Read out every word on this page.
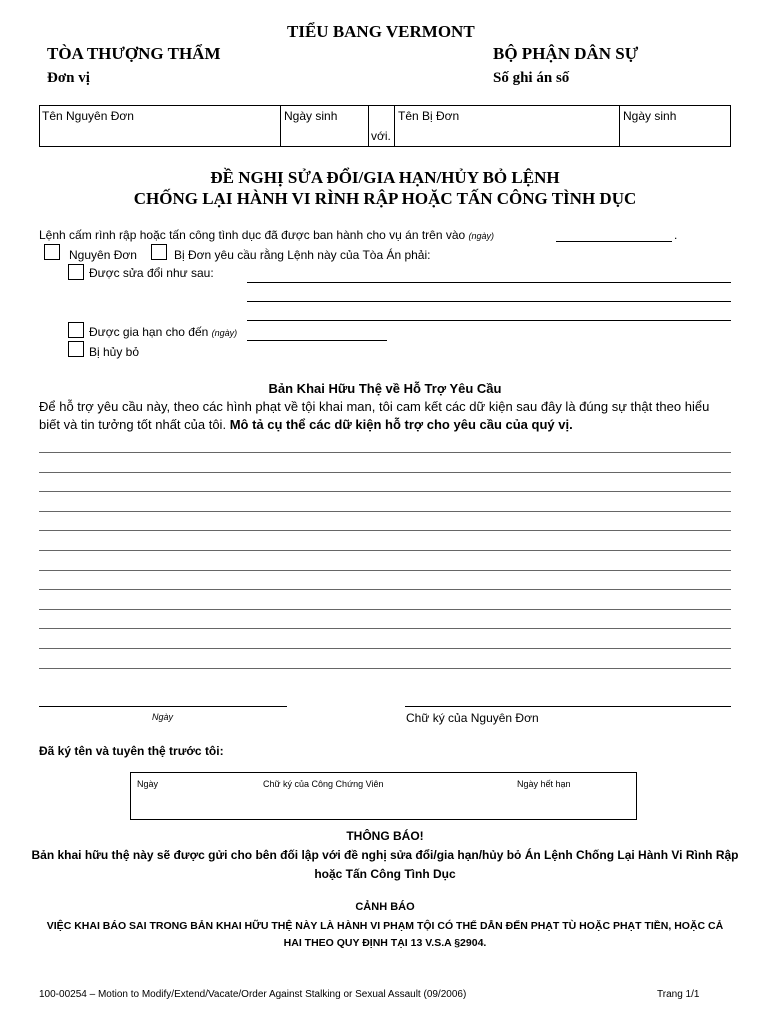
TIỂU BANG VERMONT
TÒA THƯỢNG THẨM
Đơn vị
BỘ PHẬN DÂN SỰ
Số ghi án số
Tên Nguyên Đơn	Ngày sinh
với.
Tên Bị Đơn	Ngày sinh
ĐỀ NGHỊ SỬA ĐỔI/GIA HẠN/HỦY BỎ LỆNH
CHỐNG LẠI HÀNH VI RÌNH RẬP HOẶC TẤN CÔNG TÌNH DỤC
Lệnh cấm rình rập hoặc tấn công tình dục đã được ban hành cho vụ án trên vào (ngày)	.
Nguyên Đơn	Bị Đơn yêu cầu rằng Lệnh này của Tòa Án phải:
Được sửa đổi như sau:
Được gia hạn cho đến (ngày)
Bị hủy bỏ
Bản Khai Hữu Thệ về Hỗ Trợ Yêu Cầu
Để hỗ trợ yêu cầu này, theo các hình phạt về tội khai man, tôi cam kết các dữ kiện sau đây là đúng sự thật theo hiểu
biết và tin tưởng tốt nhất của tôi. Mô tả cụ thể các dữ kiện hỗ trợ cho yêu cầu của quý vị.
Ngày	Chữ ký của Nguyên Đơn
Đã ký tên và tuyên thệ trước tôi:
Ngày	Chữ ký của Công Chứng Viên	Ngày hết hạn
THÔNG BÁO!
Bản khai hữu thệ này sẽ được gửi cho bên đối lập với đề nghị sửa đổi/gia hạn/hủy bỏ Án Lệnh Chống Lại Hành Vi Rình Rập
hoặc Tấn Công Tình Dục
CẢNH BÁO
VIỆC KHAI BÁO SAI TRONG BẢN KHAI HỮU THỆ NÀY LÀ HÀNH VI PHẠM TỘI CÓ THỂ DẪN ĐẾN PHẠT TÙ HOẶC PHẠT TIỀN, HOẶC CẢ
HAI THEO QUY ĐỊNH TẠI 13 V.S.A §2904.
100-00254 – Motion to Modify/Extend/Vacate/Order Against Stalking or Sexual Assault (09/2006)	Trang 1/1
